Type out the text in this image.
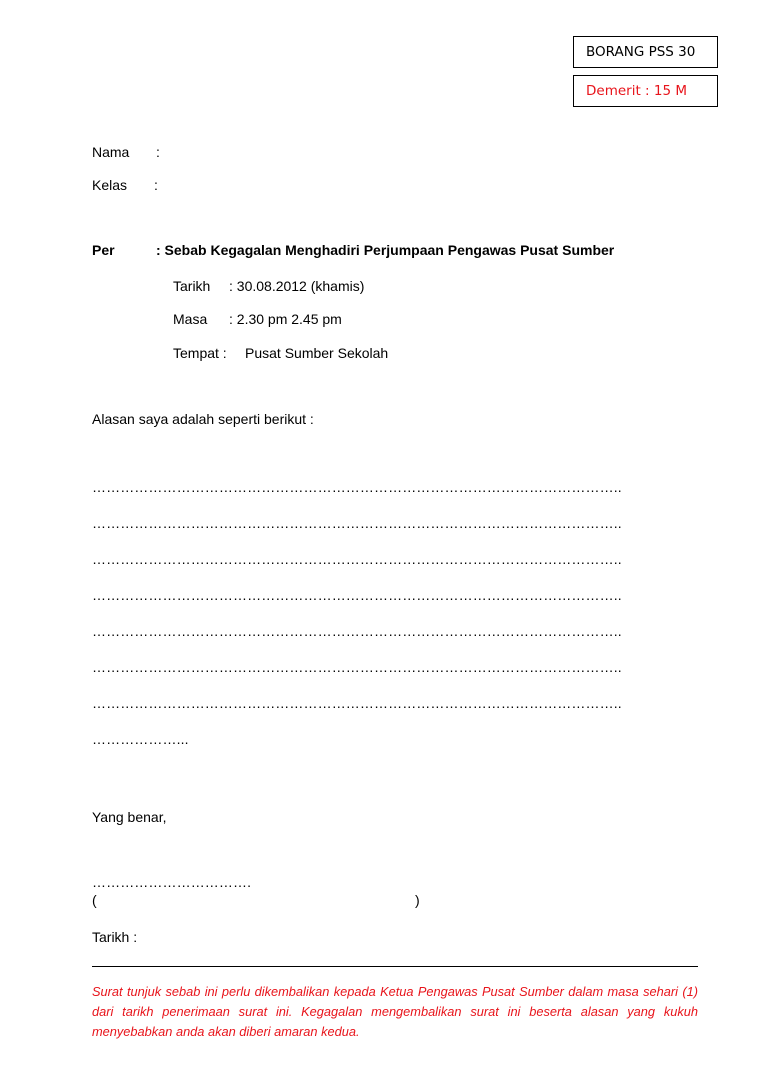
BORANG PSS 30
Demerit : 15 M
Nama :
Kelas :
Per	: Sebab Kegagalan Menghadiri Perjumpaan Pengawas Pusat Sumber
Tarikh : 30.08.2012 (khamis)
Masa : 2.30 pm 2.45 pm
Tempat : Pusat Sumber Sekolah
Alasan saya adalah seperti berikut :
…………………………………………………………………………………………………..
…………………………………………………………………………………………………..
…………………………………………………………………………………………………..
…………………………………………………………………………………………………..
…………………………………………………………………………………………………..
…………………………………………………………………………………………………..
…………………………………………………………………………………………………..
………………...
Yang benar,
…………………………….
(	)
Tarikh :
Surat tunjuk sebab ini perlu dikembalikan kepada Ketua Pengawas Pusat Sumber dalam masa sehari (1) dari tarikh penerimaan surat ini. Kegagalan mengembalikan surat ini beserta alasan yang kukuh menyebabkan anda akan diberi amaran kedua.
